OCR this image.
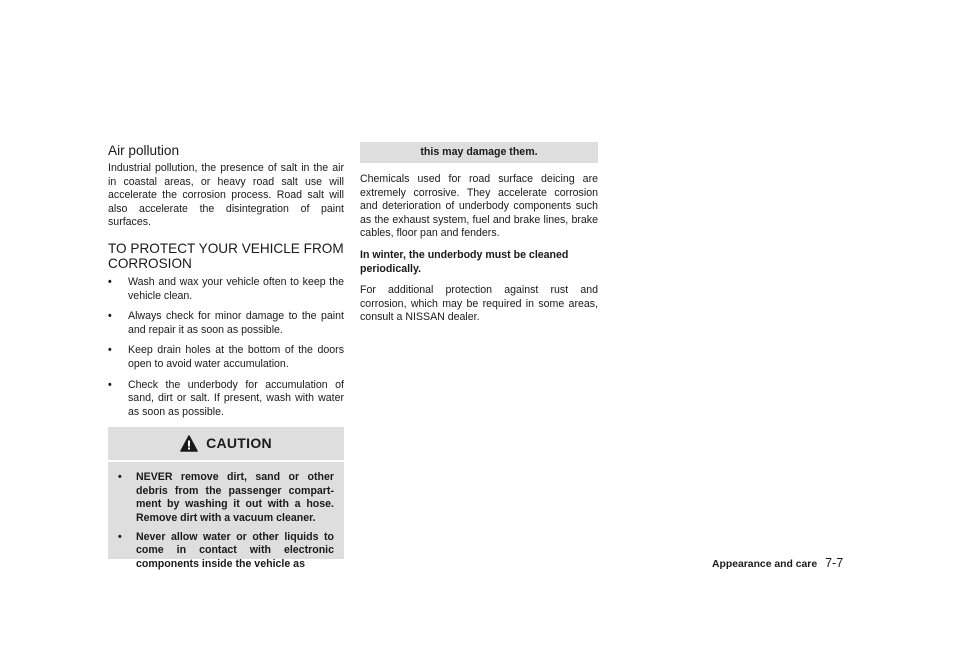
Air pollution

Industrial pollution, the presence of salt in the air in coastal areas, or heavy road salt use will accelerate the corrosion process. Road salt will also accelerate the disintegration of paint surfaces.

TO PROTECT YOUR VEHICLE FROM
CORROSION
• Wash and wax your vehicle often to keep the vehicle clean.
• Always check for minor damage to the paint and repair it as soon as possible.
• Keep drain holes at the bottom of the doors open to avoid water accumulation.
• Check the underbody for accumulation of sand, dirt or salt. If present, wash with water as soon as possible.
CAUTION
• NEVER remove dirt, sand or other debris from the passenger compart- ment by washing it out with a hose. Remove dirt with a vacuum cleaner.
• Never allow water or other liquids to come in contact with electronic components inside the vehicle as
this may damage them.

Chemicals used for road surface deicing are extremely corrosive. They accelerate corrosion and deterioration of underbody components such as the exhaust system, fuel and brake lines, brake cables, floor pan and fenders.

In winter, the underbody must be cleaned periodically.

For additional protection against rust and corrosion, which may be required in some areas, consult a NISSAN dealer.

Appearance and care 7-7
